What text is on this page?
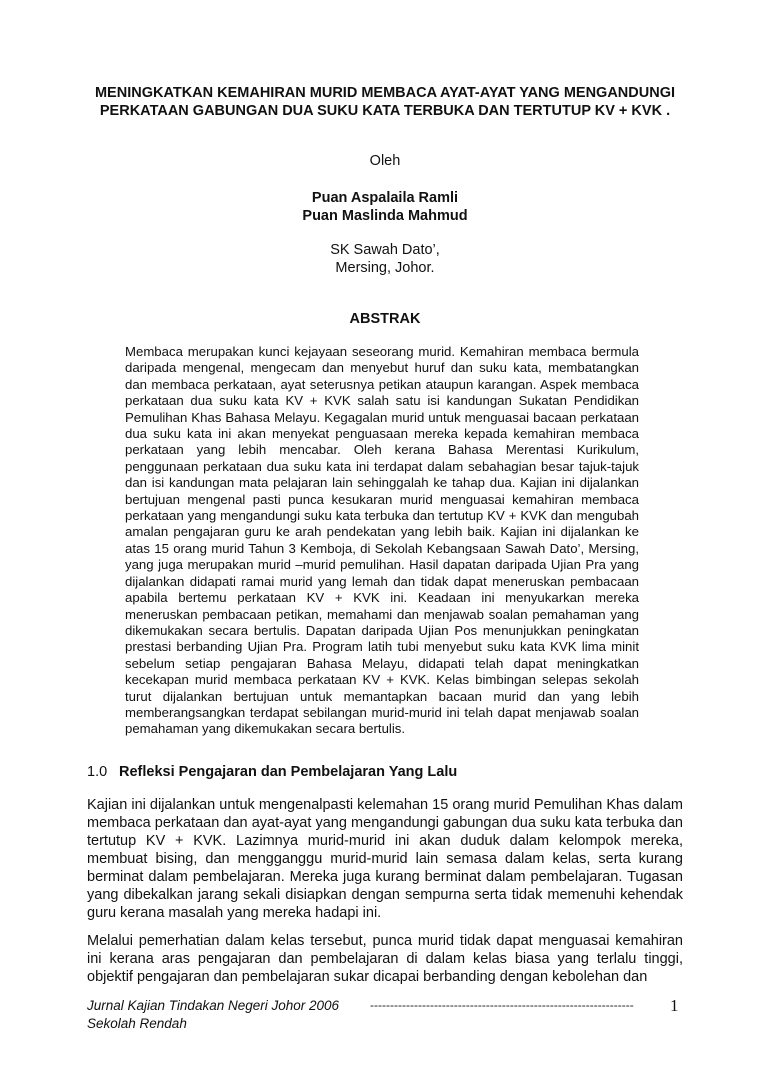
MENINGKATKAN KEMAHIRAN MURID MEMBACA AYAT-AYAT YANG MENGANDUNGI PERKATAAN GABUNGAN DUA SUKU KATA TERBUKA DAN TERTUTUP KV + KVK .
Oleh
Puan Aspalaila Ramli
Puan Maslinda Mahmud
SK Sawah Dato’,
Mersing, Johor.
ABSTRAK
Membaca merupakan kunci kejayaan seseorang murid. Kemahiran membaca bermula daripada mengenal, mengecam dan menyebut huruf dan suku kata, membatangkan dan membaca perkataan, ayat seterusnya petikan ataupun karangan. Aspek membaca perkataan dua suku kata KV + KVK salah satu isi kandungan Sukatan Pendidikan Pemulihan Khas Bahasa Melayu. Kegagalan murid untuk menguasai bacaan perkataan dua suku kata ini akan menyekat penguasaan mereka kepada kemahiran membaca perkataan yang lebih mencabar. Oleh kerana Bahasa Merentasi Kurikulum, penggunaan perkataan dua suku kata ini terdapat dalam sebahagian besar tajuk-tajuk dan isi kandungan mata pelajaran lain sehinggalah ke tahap dua. Kajian ini dijalankan bertujuan mengenal pasti punca kesukaran murid menguasai kemahiran membaca perkataan yang mengandungi suku kata terbuka dan tertutup KV + KVK dan mengubah amalan pengajaran guru ke arah pendekatan yang lebih baik. Kajian ini dijalankan ke atas 15 orang murid Tahun 3 Kemboja, di Sekolah Kebangsaan Sawah Dato’, Mersing, yang juga merupakan murid –murid pemulihan. Hasil dapatan daripada Ujian Pra yang dijalankan didapati ramai murid yang lemah dan tidak dapat meneruskan pembacaan apabila bertemu perkataan KV + KVK ini. Keadaan ini menyukarkan mereka meneruskan pembacaan petikan, memahami dan menjawab soalan pemahaman yang dikemukakan secara bertulis. Dapatan daripada Ujian Pos menunjukkan peningkatan prestasi berbanding Ujian Pra. Program latih tubi menyebut suku kata KVK lima minit sebelum setiap pengajaran Bahasa Melayu, didapati telah dapat meningkatkan kecekapan murid membaca perkataan KV + KVK. Kelas bimbingan selepas sekolah turut dijalankan bertujuan untuk memantapkan bacaan murid dan yang lebih memberangsangkan terdapat sebilangan murid-murid ini telah dapat menjawab soalan pemahaman yang dikemukakan secara bertulis.
1.0 Refleksi Pengajaran dan Pembelajaran Yang Lalu
Kajian ini dijalankan untuk mengenalpasti kelemahan 15 orang murid Pemulihan Khas dalam membaca perkataan dan ayat-ayat yang mengandungi gabungan dua suku kata terbuka dan tertutup KV + KVK. Lazimnya murid-murid ini akan duduk dalam kelompok mereka, membuat bising, dan mengganggu murid-murid lain semasa dalam kelas, serta kurang berminat dalam pembelajaran. Mereka juga kurang berminat dalam pembelajaran. Tugasan yang dibekalkan jarang sekali disiapkan dengan sempurna serta tidak memenuhi kehendak guru kerana masalah yang mereka hadapi ini.
Melalui pemerhatian dalam kelas tersebut, punca murid tidak dapat menguasai kemahiran ini kerana aras pengajaran dan pembelajaran di dalam kelas biasa yang terlalu tinggi, objektif pengajaran dan pembelajaran sukar dicapai berbanding dengan kebolehan dan
Jurnal Kajian Tindakan Negeri Johor 2006	------------------------------------------------------------------	1
Sekolah Rendah
